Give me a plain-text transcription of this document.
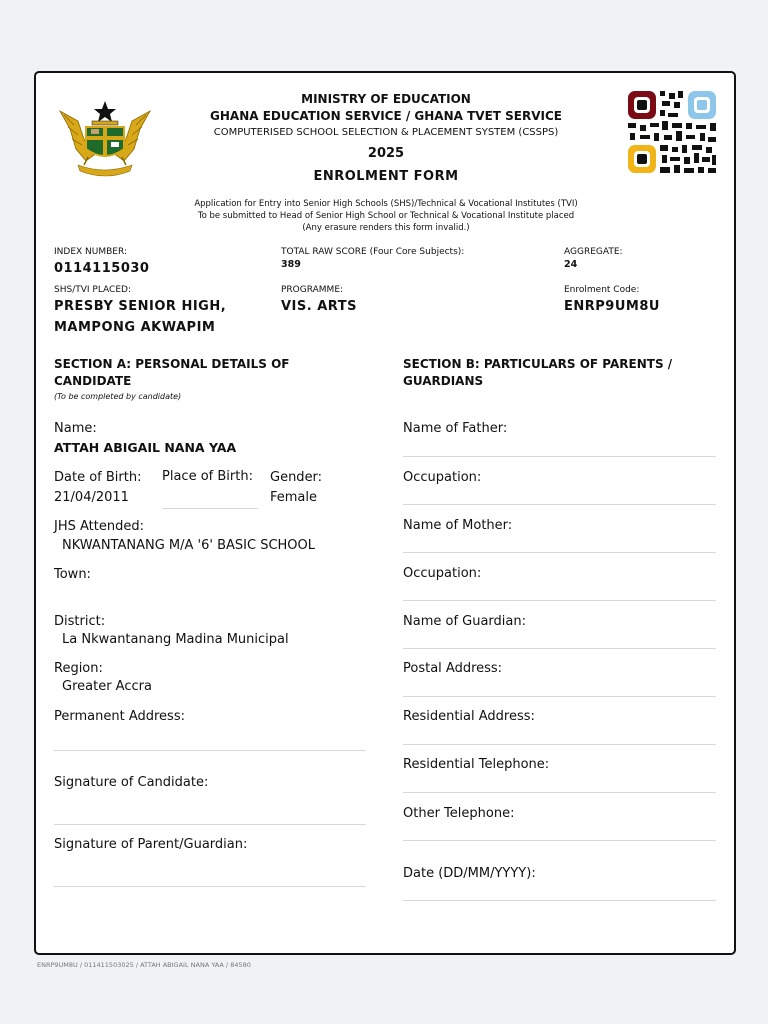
MINISTRY OF EDUCATION
GHANA EDUCATION SERVICE / GHANA TVET SERVICE
COMPUTERISED SCHOOL SELECTION & PLACEMENT SYSTEM (CSSPS)
2025
ENROLMENT FORM
Application for Entry into Senior High Schools (SHS)/Technical & Vocational Institutes (TVI)
To be submitted to Head of Senior High School or Technical & Vocational Institute placed
(Any erasure renders this form invalid.)
INDEX NUMBER:
0114115030
TOTAL RAW SCORE (Four Core Subjects):
389
AGGREGATE:
24
SHS/TVI PLACED:
PRESBY SENIOR HIGH,
MAMPONG AKWAPIM
PROGRAMME:
VIS. ARTS
Enrolment Code:
ENRP9UM8U
SECTION A: PERSONAL DETAILS OF
CANDIDATE
(To be completed by candidate)
Name:
ATTAH ABIGAIL NANA YAA
Date of Birth:
21/04/2011
Place of Birth: Gender:
Female
JHS Attended:
NKWANTANANG M/A '6' BASIC SCHOOL
Town:
District:
La Nkwantanang Madina Municipal
Region:
Greater Accra
Permanent Address:
Signature of Candidate:
Signature of Parent/Guardian:
SECTION B: PARTICULARS OF PARENTS /
GUARDIANS
Name of Father:
Occupation:
Name of Mother:
Occupation:
Name of Guardian:
Postal Address:
Residential Address:
Residential Telephone:
Other Telephone:
Date (DD/MM/YYYY):
ENRP9UM8U / 011411503025 / ATTAH ABIGAIL NANA YAA / 84580
